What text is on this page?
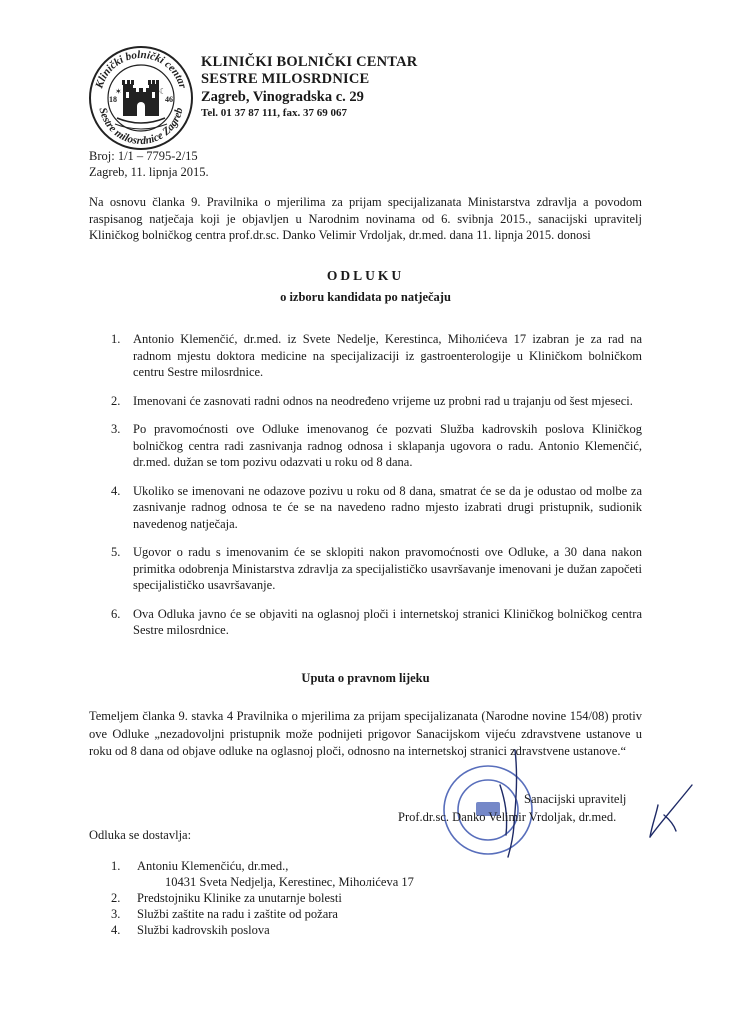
Klinički bolnički centar
Sestre milosrdnice Zagreb
18	46
✶	☾
KLINIČKI BOLNIČKI CENTAR
SESTRE MILOSRDNICE
Zagreb, Vinogradska c. 29
Tel. 01 37 87 111, fax. 37 69 067
Broj: 1/1 – 7795-2/15
Zagreb, 11. lipnja 2015.
Na osnovu članka 9. Pravilnika o mjerilima za prijam specijalizanata Ministarstva zdravlja a povodom raspisanog natječaja koji je objavljen u Narodnim novinama od 6. svibnja 2015., sanacijski upravitelj Kliničkog bolničkog centra prof.dr.sc. Danko Velimir Vrdoljak, dr.med. dana 11. lipnja 2015. donosi
ODLUKU
o izboru kandidata po natječaju
1. Antonio Klemenčić, dr.med. iz Svete Nedelje, Kerestinca, Mihoлićeva 17 izabran je za rad na radnom mjestu doktora medicine na specijalizaciji iz gastroenterologije u Kliničkom bolničkom centru Sestre milosrdnice.
2. Imenovani će zasnovati radni odnos na neodređeno vrijeme uz probni rad u trajanju od šest mjeseci.
3. Po pravomoćnosti ove Odluke imenovanog će pozvati Služba kadrovskih poslova Kliničkog bolničkog centra radi zasnivanja radnog odnosa i sklapanja ugovora o radu. Antonio Klemenčić, dr.med. dužan se tom pozivu odazvati u roku od 8 dana.
4. Ukoliko se imenovani ne odazove pozivu u roku od 8 dana, smatrat će se da je odustao od molbe za zasnivanje radnog odnosa te će se na navedeno radno mjesto izabrati drugi pristupnik, sudionik navedenog natječaja.
5. Ugovor o radu s imenovanim će se sklopiti nakon pravomoćnosti ove Odluke, a 30 dana nakon primitka odobrenja Ministarstva zdravlja za specijalističko usavršavanje imenovani je dužan započeti specijalističko usavršavanje.
6. Ova Odluka javno će se objaviti na oglasnoj ploči i internetskoj stranici Kliničkog bolničkog centra Sestre milosrdnice.
Uputa o pravnom lijeku
Temeljem članka 9. stavka 4 Pravilnika o mjerilima za prijam specijalizanata (Narodne novine 154/08) protiv ove Odluke „nezadovoljni pristupnik može podnijeti prigovor Sanacijskom vijeću zdravstvene ustanove u roku od 8 dana od objave odluke na oglasnoj ploči, odnosno na internetskoj stranici zdravstvene ustanove.“
Sanacijski upravitelj
Prof.dr.sc. Danko Velimir Vrdoljak, dr.med.
Odluka se dostavlja:
1.	Antoniu Klemenčiću, dr.med.,
10431 Sveta Nedjelja, Kerestinec, Mihoлićeva 17
2.	Predstojniku Klinike za unutarnje bolesti
3.	Službi zaštite na radu i zaštite od požara
4.	Službi kadrovskih poslova
